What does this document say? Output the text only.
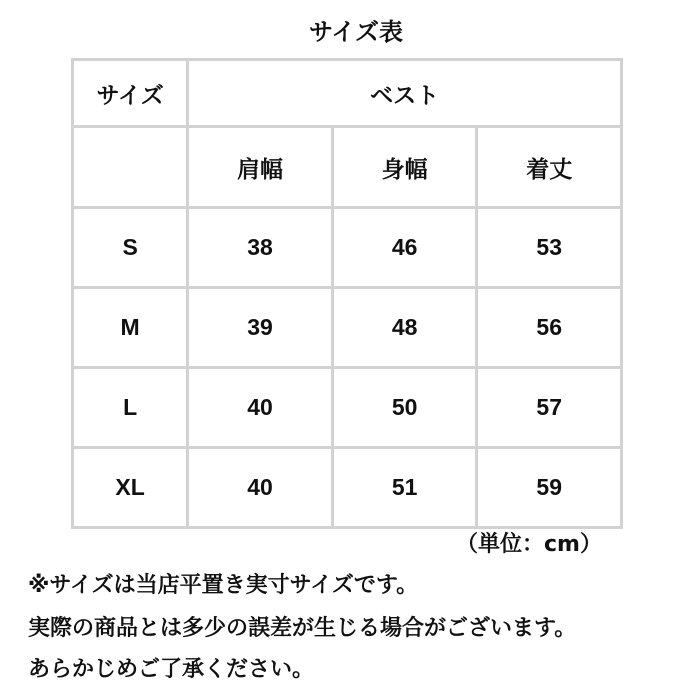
サイズ表
サイズ	ベスト		
	肩幅	身幅	着丈
S	38	46	53
M	39	48	56
L	40	50	57
XL	40	51	59
（単位：cm）
※サイズは当店平置き実寸サイズです。
実際の商品とは多少の誤差が生じる場合がございます。
あらかじめご了承ください。
